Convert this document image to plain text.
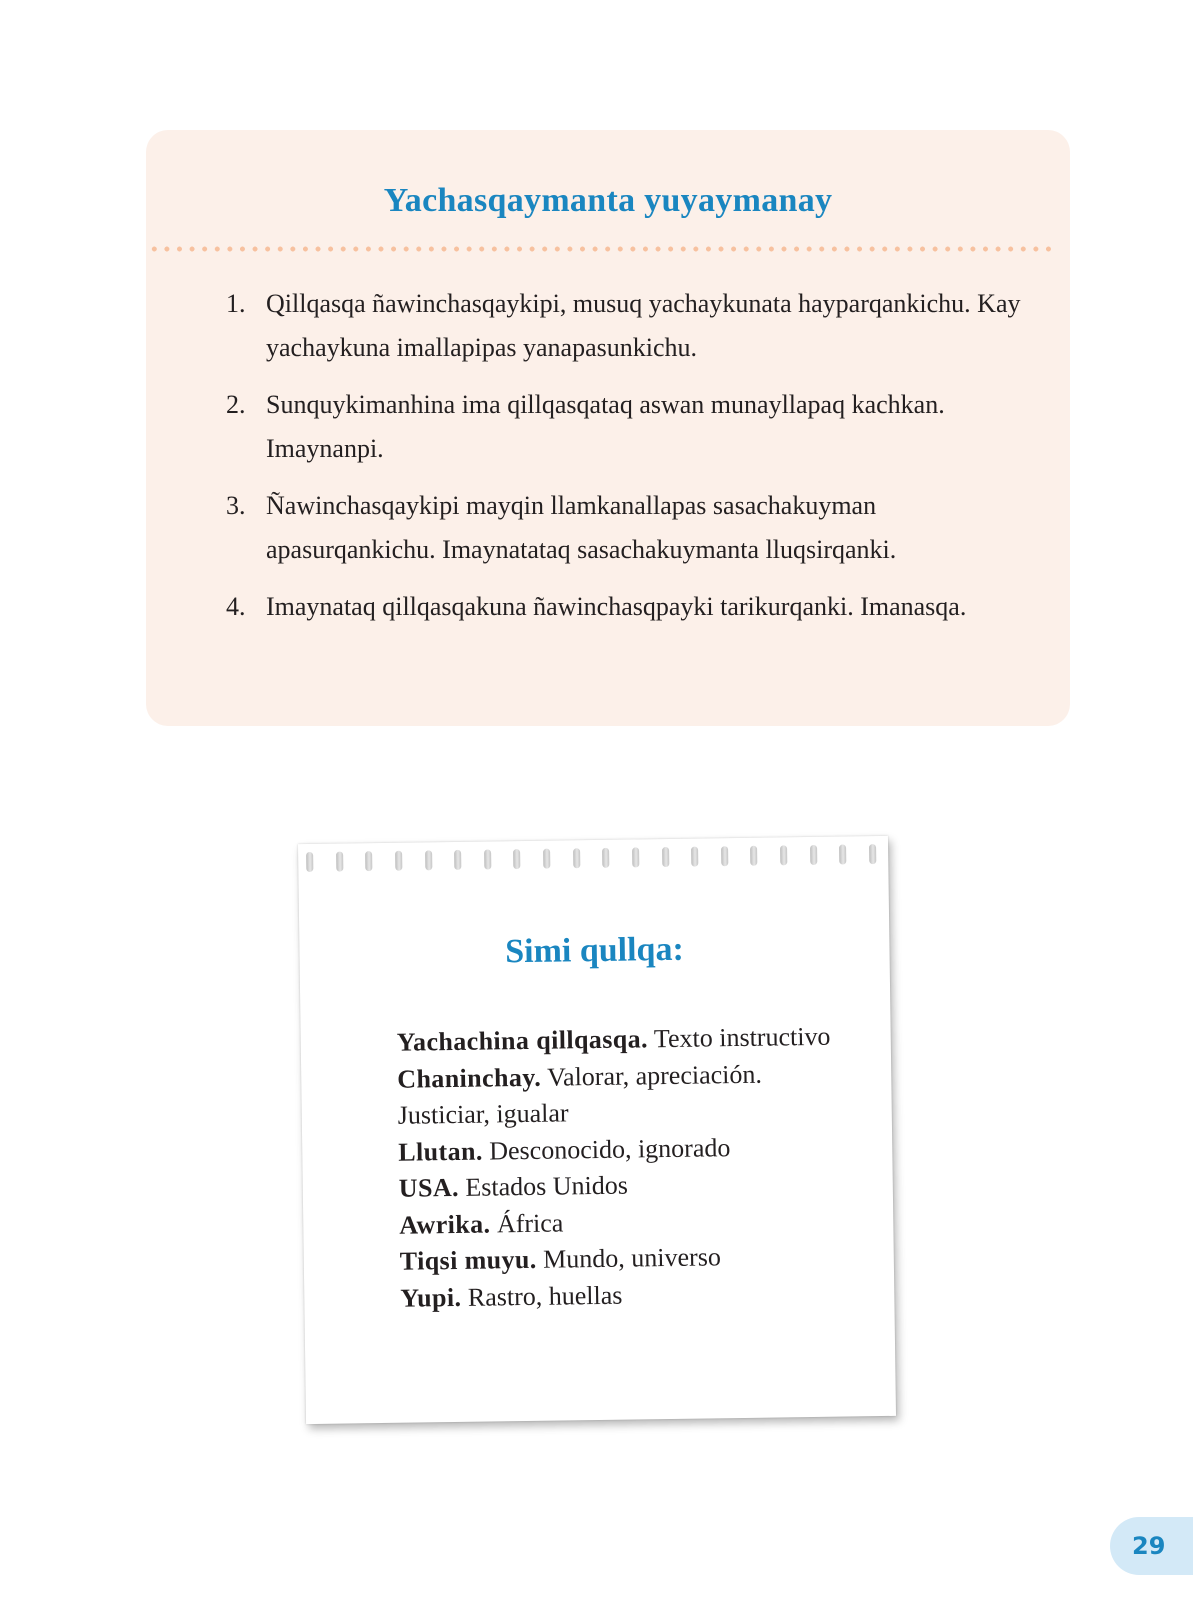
Yachasqaymanta yuyaymanay
1. Qillqasqa ñawinchasqaykipi, musuq yachaykunata hayparqankichu. Kay yachaykuna imallapipas yanapasunkichu.
2. Sunquykimanhina ima qillqasqataq aswan munayllapaq kachkan. Imaynanpi.
3. Ñawinchasqaykipi mayqin llamkanallapas sasachakuyman apasurqankichu. Imaynatataq sasachakuymanta lluqsirqanki.
4. Imaynataq qillqasqakuna ñawinchasqpayki tarikurqanki. Imanasqa.
Simi qullqa:
Yachachina qillqasqa. Texto instructivo
Chaninchay. Valorar, apreciación. Justiciar, igualar
Llutan. Desconocido, ignorado
USA. Estados Unidos
Awrika. África
Tiqsi muyu. Mundo, universo
Yupi. Rastro, huellas
29
